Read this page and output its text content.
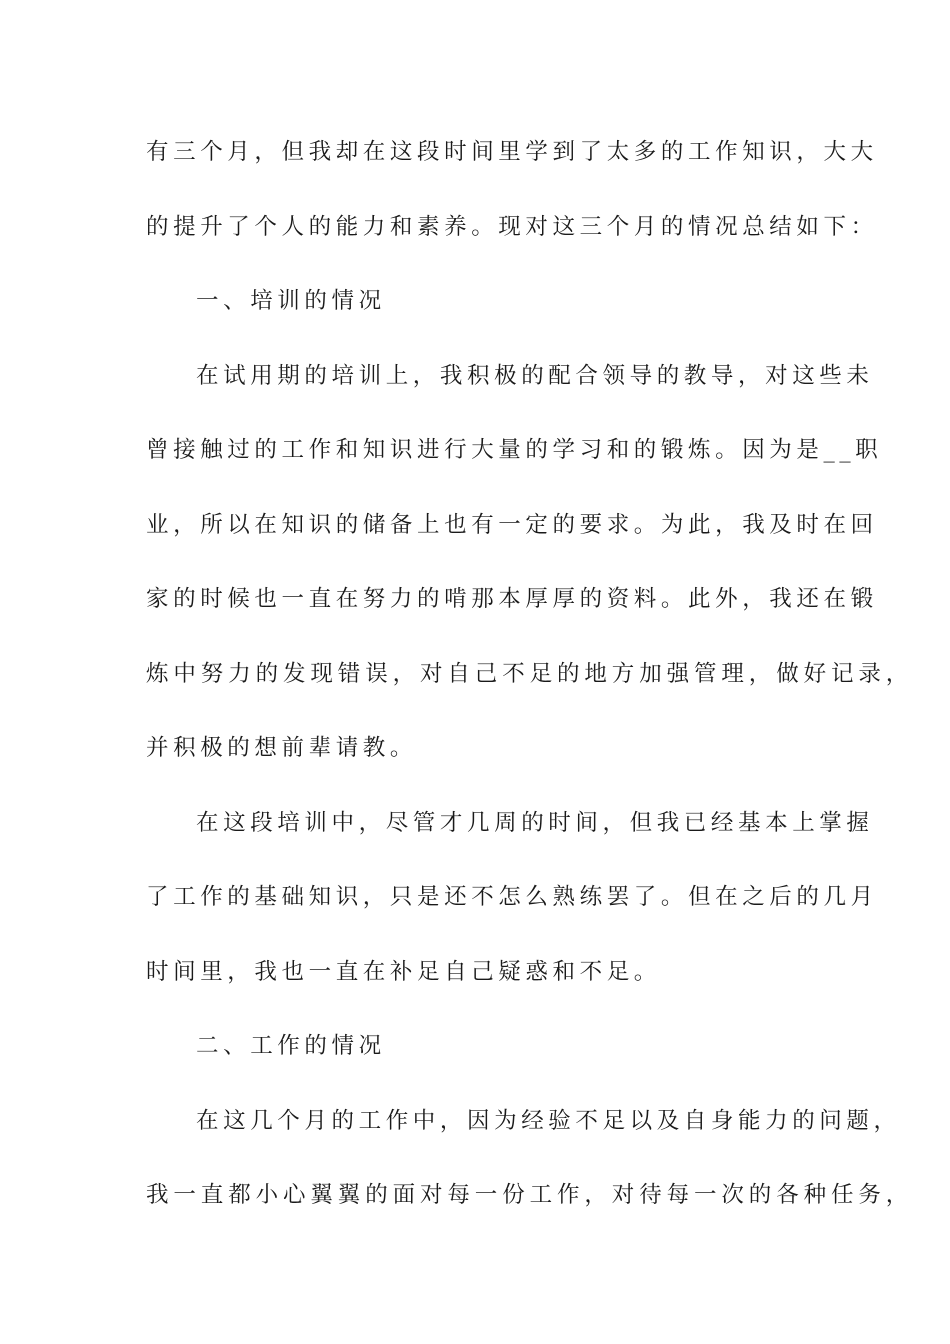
有三个月，但我却在这段时间里学到了太多的工作知识，大大
的提升了个人的能力和素养。现对这三个月的情况总结如下：
一、培训的情况
在试用期的培训上，我积极的配合领导的教导，对这些未
曾接触过的工作和知识进行大量的学习和的锻炼。因为是__职
业，所以在知识的储备上也有一定的要求。为此，我及时在回
家的时候也一直在努力的啃那本厚厚的资料。此外，我还在锻
炼中努力的发现错误，对自己不足的地方加强管理，做好记录，
并积极的想前辈请教。
在这段培训中，尽管才几周的时间，但我已经基本上掌握
了工作的基础知识，只是还不怎么熟练罢了。但在之后的几月
时间里，我也一直在补足自己疑惑和不足。
二、工作的情况
在这几个月的工作中，因为经验不足以及自身能力的问题，
我一直都小心翼翼的面对每一份工作，对待每一次的各种任务，
